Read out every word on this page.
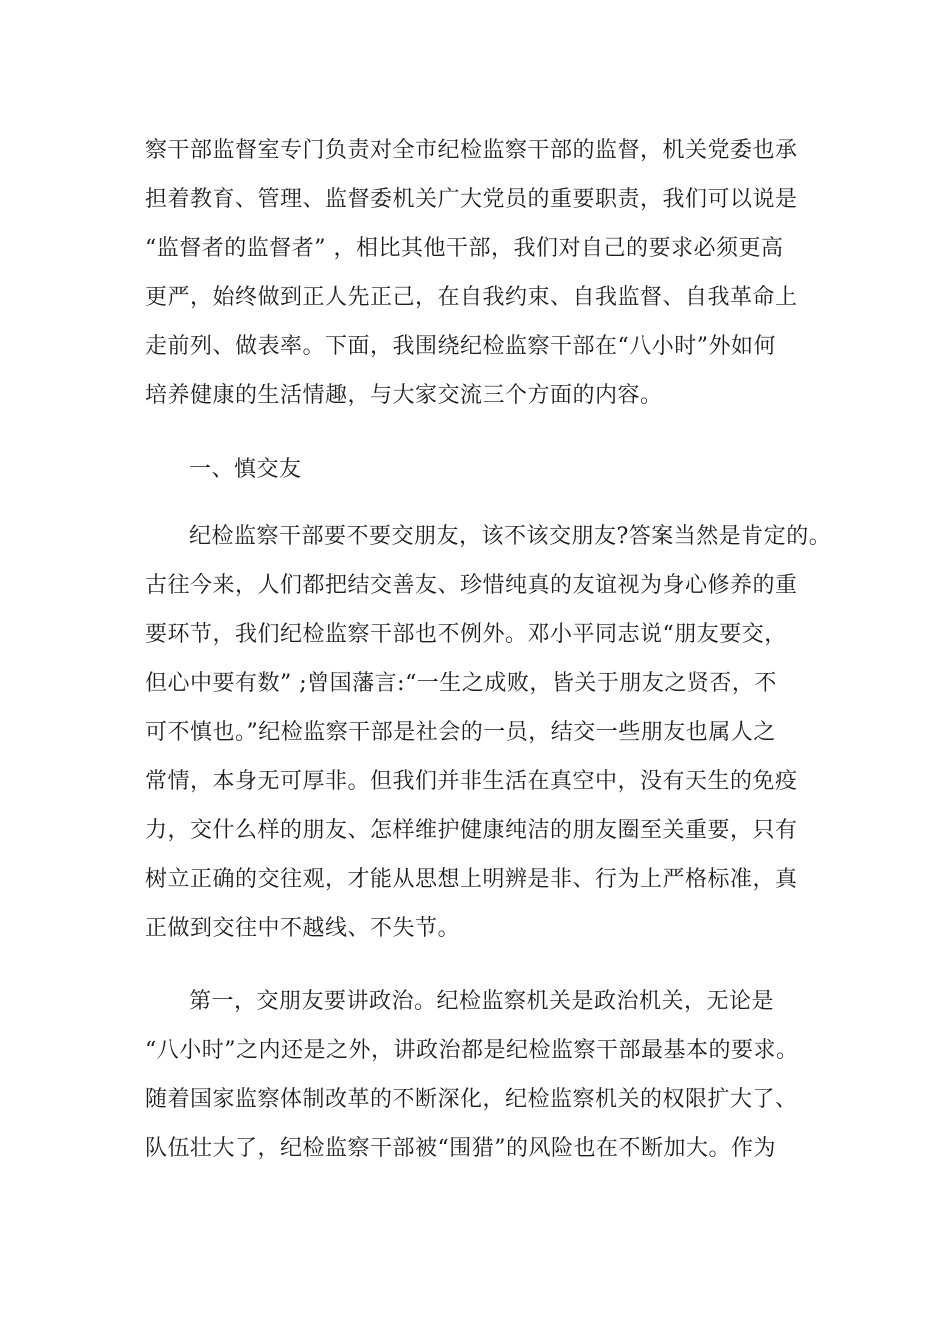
察干部监督室专门负责对全市纪检监察干部的监督，机关党委也承
担着教育、管理、监督委机关广大党员的重要职责，我们可以说是
“监督者的监督者” ，相比其他干部，我们对自己的要求必须更高
更严，始终做到正人先正己，在自我约束、自我监督、自我革命上
走前列、做表率。下面，我围绕纪检监察干部在“八小时”外如何
培养健康的生活情趣，与大家交流三个方面的内容。
一、慎交友
纪检监察干部要不要交朋友，该不该交朋友?答案当然是肯定的。
古往今来，人们都把结交善友、珍惜纯真的友谊视为身心修养的重
要环节，我们纪检监察干部也不例外。邓小平同志说“朋友要交，
但心中要有数” ;曾国藩言:“一生之成败，皆关于朋友之贤否，不
可不慎也。”纪检监察干部是社会的一员，结交一些朋友也属人之
常情，本身无可厚非。但我们并非生活在真空中，没有天生的免疫
力，交什么样的朋友、怎样维护健康纯洁的朋友圈至关重要，只有
树立正确的交往观，才能从思想上明辨是非、行为上严格标准，真
正做到交往中不越线、不失节。
第一，交朋友要讲政治。纪检监察机关是政治机关，无论是
“八小时”之内还是之外，讲政治都是纪检监察干部最基本的要求。
随着国家监察体制改革的不断深化，纪检监察机关的权限扩大了、
队伍壮大了，纪检监察干部被“围猎”的风险也在不断加大。作为
